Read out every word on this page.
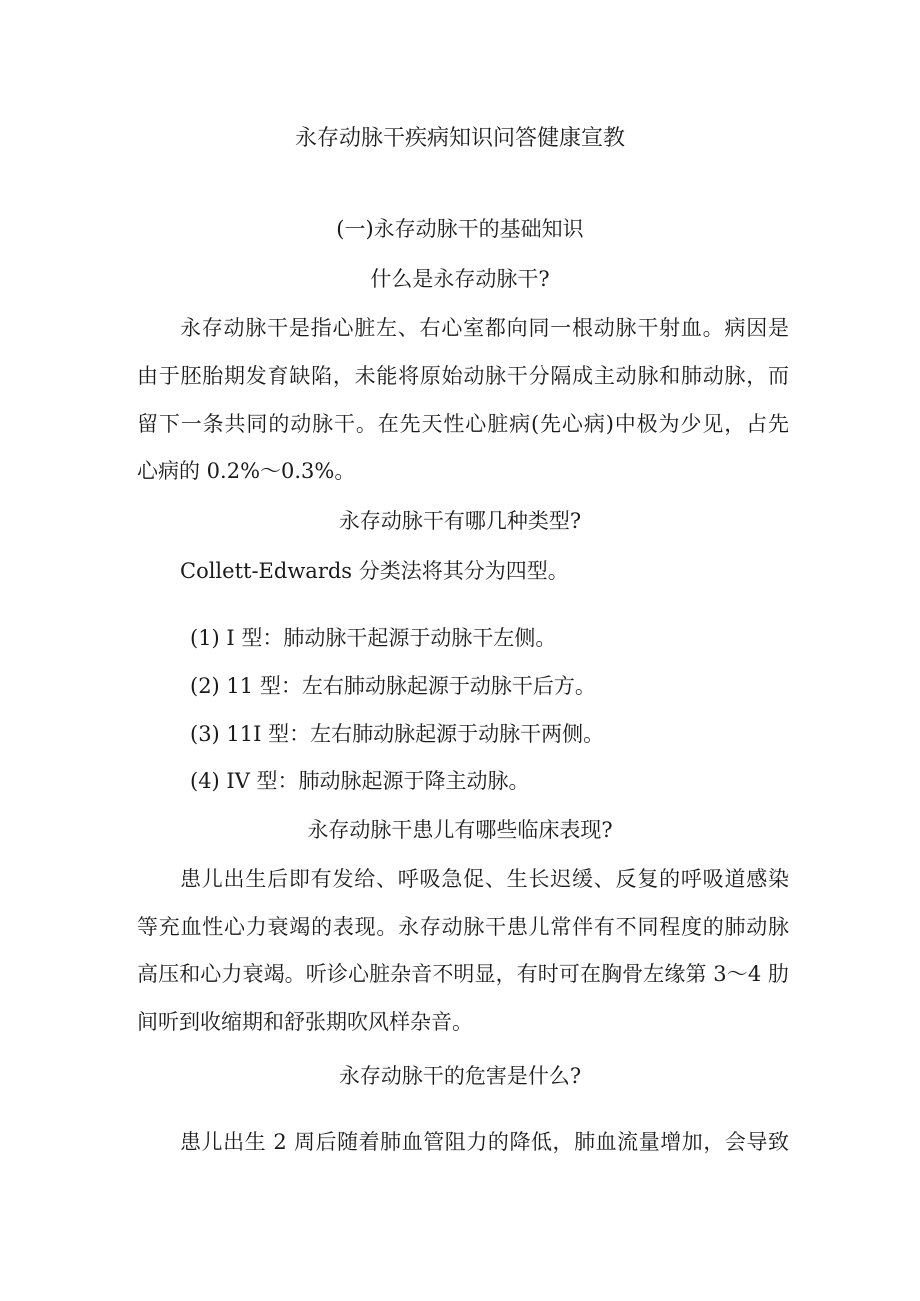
永存动脉干疾病知识问答健康宣教
(一)永存动脉干的基础知识
什么是永存动脉干?
永存动脉干是指心脏左、右心室都向同一根动脉干射血。病因是
由于胚胎期发育缺陷，未能将原始动脉干分隔成主动脉和肺动脉，而
留下一条共同的动脉干。在先天性心脏病(先心病)中极为少见，占先
心病的 0.2%～0.3%。
永存动脉干有哪几种类型?
Collett-Edwards 分类法将其分为四型。
(1) I 型：肺动脉干起源于动脉干左侧。
(2) 11 型：左右肺动脉起源于动脉干后方。
(3) 11I 型：左右肺动脉起源于动脉干两侧。
(4) IV 型：肺动脉起源于降主动脉。
永存动脉干患儿有哪些临床表现?
患儿出生后即有发给、呼吸急促、生长迟缓、反复的呼吸道感染
等充血性心力衰竭的表现。永存动脉干患儿常伴有不同程度的肺动脉
高压和心力衰竭。听诊心脏杂音不明显，有时可在胸骨左缘第 3～4 肋
间听到收缩期和舒张期吹风样杂音。
永存动脉干的危害是什么?
患儿出生 2 周后随着肺血管阻力的降低，肺血流量增加，会导致
